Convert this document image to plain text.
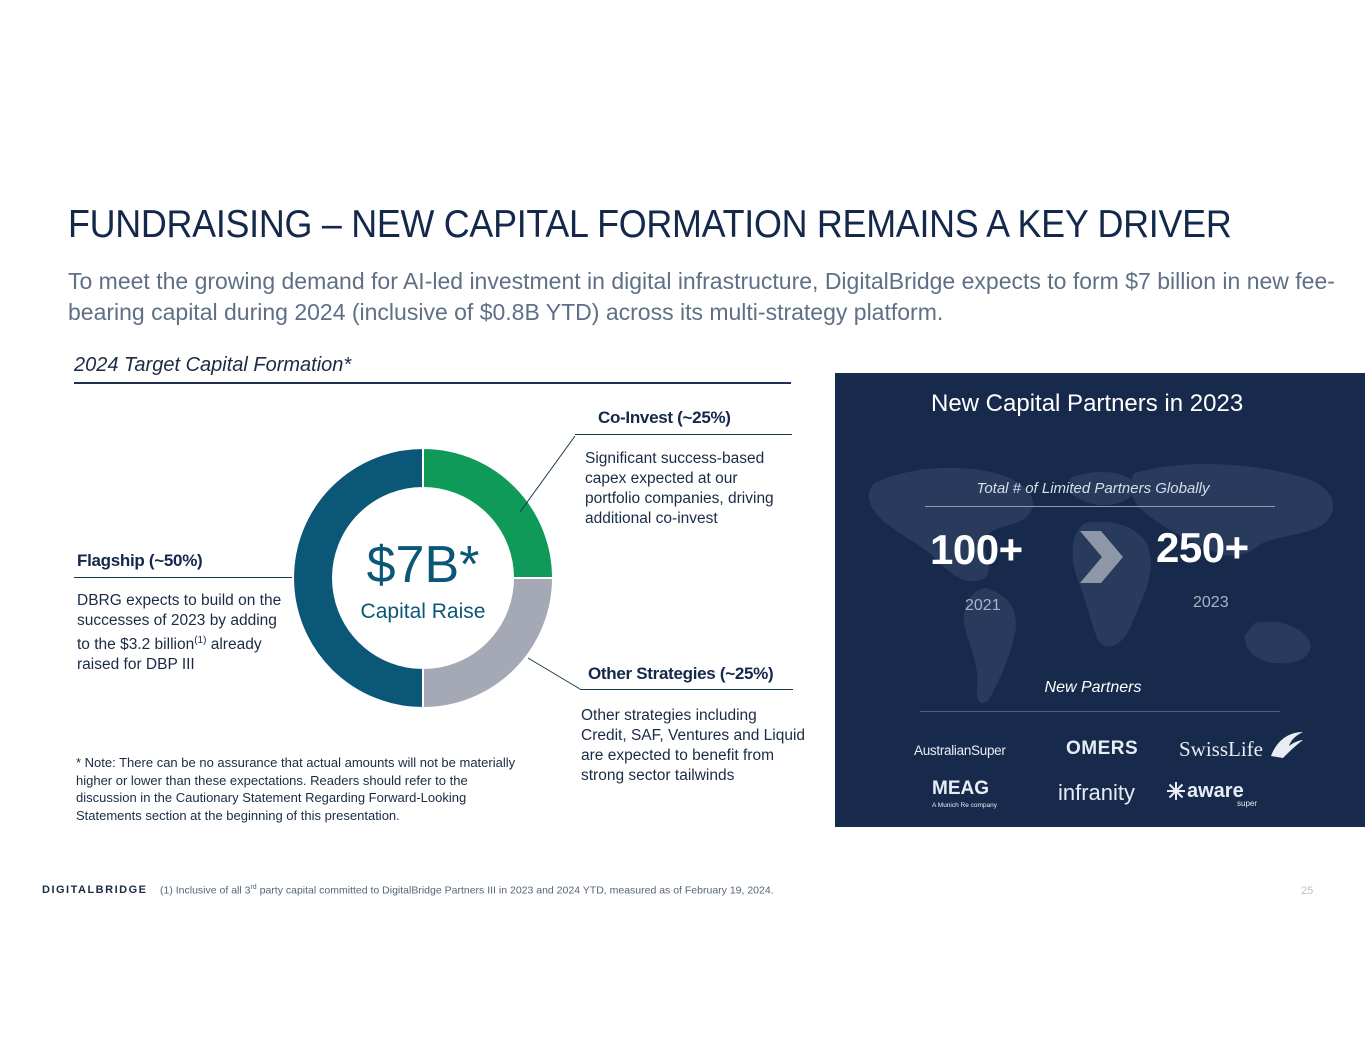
FUNDRAISING – NEW CAPITAL FORMATION REMAINS A KEY DRIVER
To meet the growing demand for AI-led investment in digital infrastructure, DigitalBridge expects to form $7 billion in new fee-bearing capital during 2024 (inclusive of $0.8B YTD) across its multi-strategy platform.
2024 Target Capital Formation*
$7B*
Capital Raise
Co-Invest (~25%)
Significant success-based capex expected at our portfolio companies, driving additional co-invest
Flagship (~50%)
DBRG expects to build on the successes of 2023 by adding to the $3.2 billion$^{(1)}$ already raised for DBP III	Other Strategies (~25%)
Other strategies including Credit, SAF, Ventures and Liquid are expected to benefit from strong sector tailwinds
* Note: There can be no assurance that actual amounts will not be materially higher or lower than these expectations. Readers should refer to the discussion in the Cautionary Statement Regarding Forward-Looking Statements section at the beginning of this presentation.
New Capital Partners in 2023
Total # of Limited Partners Globally
100+
2021
250+
2023
New Partners
AustralianSuper	OMERS SwissLife
MEAG
A Munich Re company
infranity	aware
super
DIGITALBRIDGE (1) Inclusive of all 3rd party capital committed to DigitalBridge Partners III in 2023 and 2024 YTD, measured as of February 19, 2024.	25
